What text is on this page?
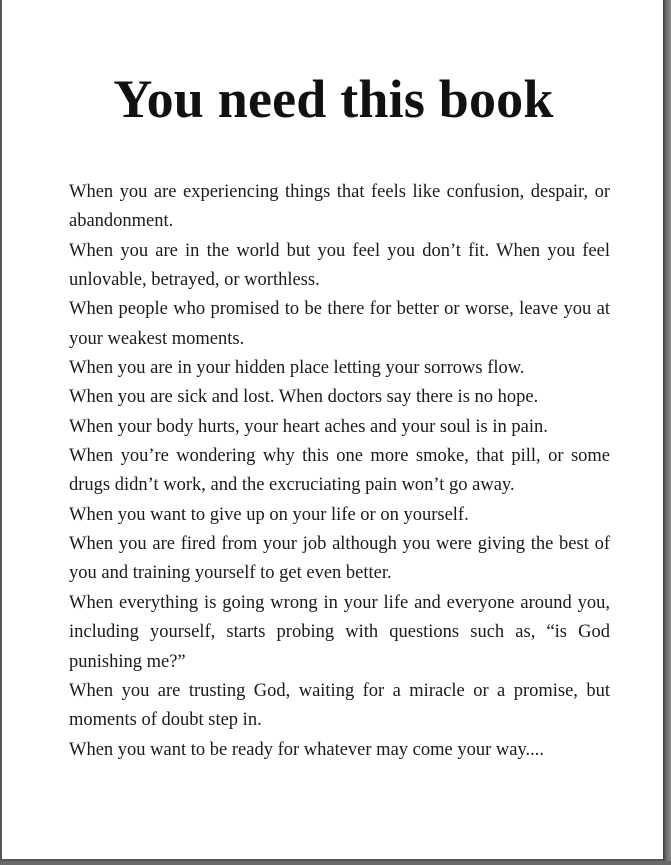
You need this book

When you are experiencing things that feels like confusion, despair, or abandonment.

When you are in the world but you feel you don’t fit. When you feel unlovable, betrayed, or worthless.

When people who promised to be there for better or worse, leave you at your weakest moments.

When you are in your hidden place letting your sorrows flow.

When you are sick and lost. When doctors say there is no hope.

When your body hurts, your heart aches and your soul is in pain.

When you’re wondering why this one more smoke, that pill, or some drugs didn’t work, and the excruciating pain won’t go away.

When you want to give up on your life or on yourself.

When you are fired from your job although you were giving the best of you and training yourself to get even better.

When everything is going wrong in your life and everyone around you, including yourself, starts probing with questions such as, “is God punishing me?”

When you are trusting God, waiting for a miracle or a promise, but moments of doubt step in.

When you want to be ready for whatever may come your way....
